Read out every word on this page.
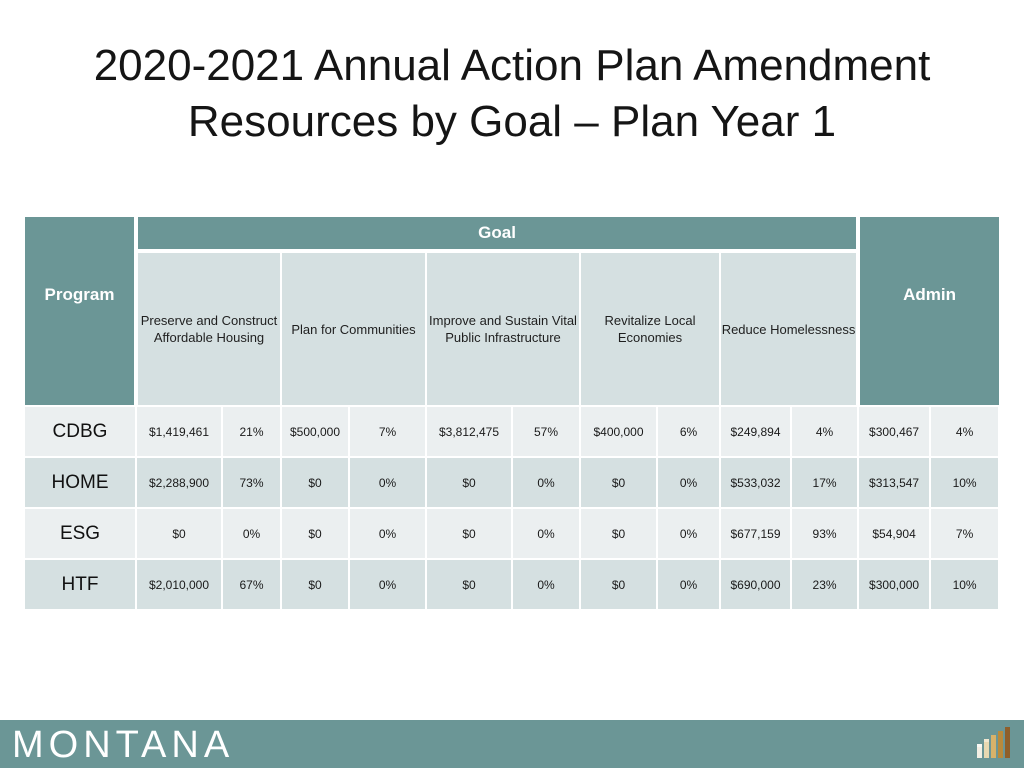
2020-2021 Annual Action Plan Amendment
Resources by Goal – Plan Year 1
Program	Goal										Admin	
	Preserve and Construct Affordable Housing		Plan for Communities		Improve and Sustain Vital Public Infrastructure		Revitalize Local Economies		Reduce Homelessness			
CDBG	$1,419,461	21%	$500,000	7%	$3,812,475	57%	$400,000	6%	$249,894	4%	$300,467	4%
HOME	$2,288,900	73%	$0	0%	$0	0%	$0	0%	$533,032	17%	$313,547	10%
ESG	$0	0%	$0	0%	$0	0%	$0	0%	$677,159	93%	$54,904	7%
HTF	$2,010,000	67%	$0	0%	$0	0%	$0	0%	$690,000	23%	$300,000	10%
MONTANA
